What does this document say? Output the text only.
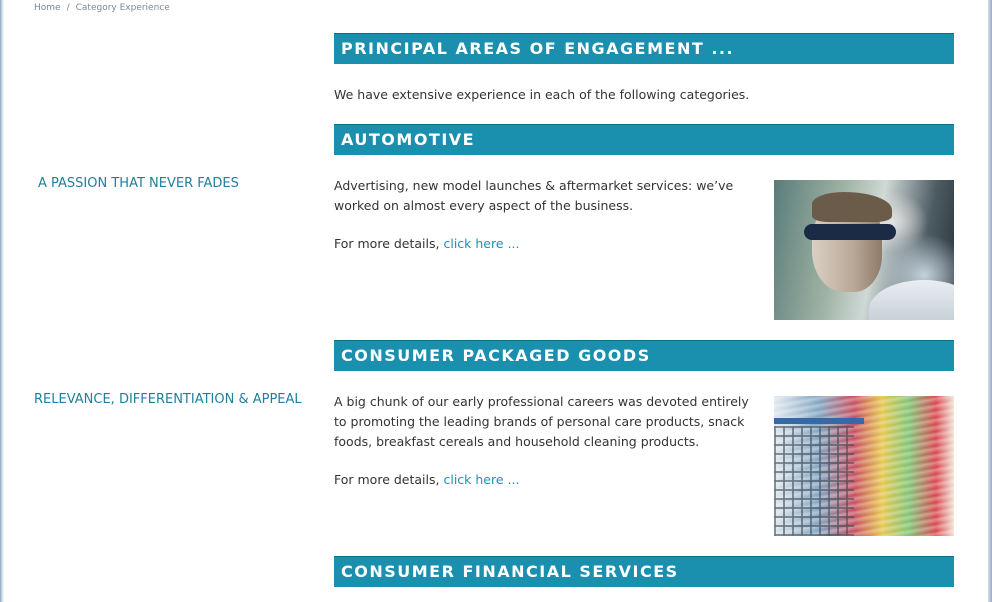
Home / Category Experience
PRINCIPAL AREAS OF ENGAGEMENT ...
We have extensive experience in each of the following categories.
AUTOMOTIVE
A PASSION THAT NEVER FADES	Advertising, new model launches & aftermarket services: we’ve worked on almost every aspect of the business.
For more details, click here ...
CONSUMER PACKAGED GOODS
RELEVANCE, DIFFERENTIATION & APPEAL	A big chunk of our early professional careers was devoted entirely to promoting the leading brands of personal care products, snack foods, breakfast cereals and household cleaning products.
For more details, click here ...
CONSUMER FINANCIAL SERVICES
